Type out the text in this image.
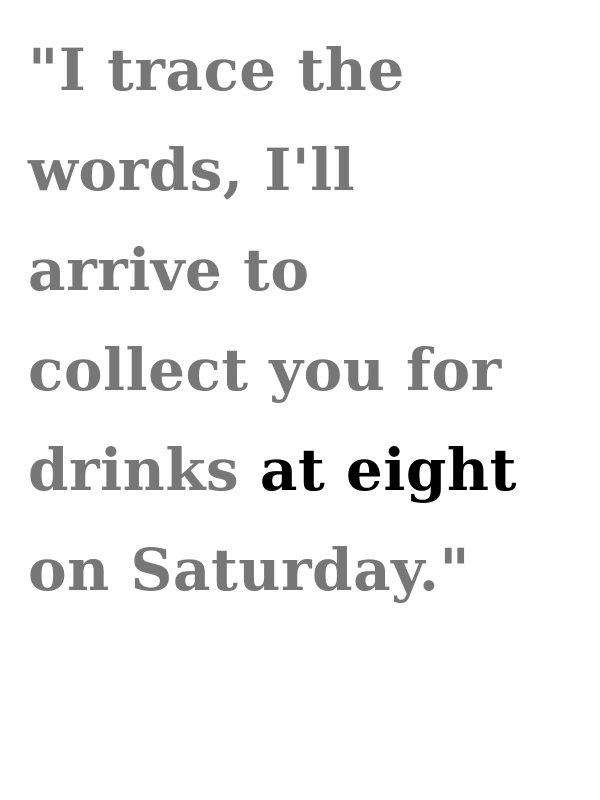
"I trace the
words, I'll
arrive to
collect you for
drinks at eight
on Saturday."
